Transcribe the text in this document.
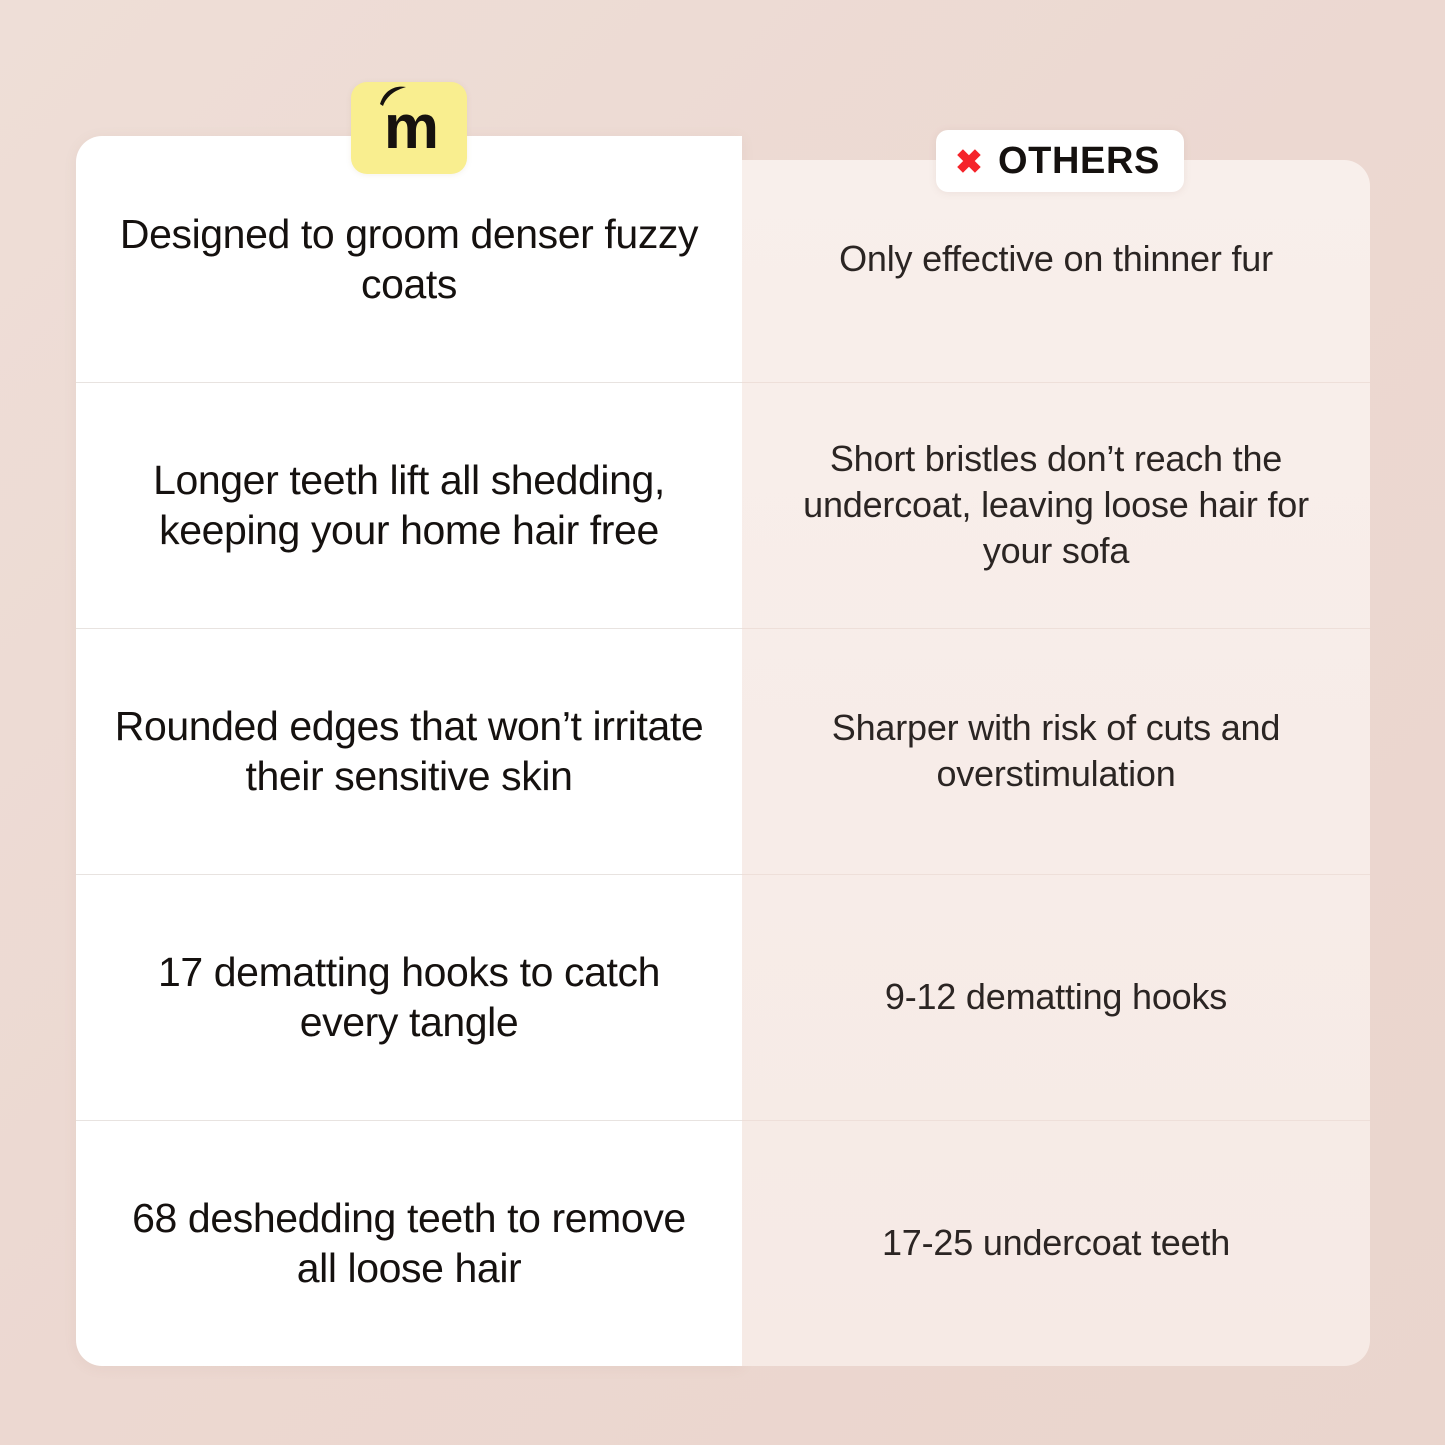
Designed to groom denser fuzzy coats
Only effective on thinner fur
Longer teeth lift all shedding, keeping your home hair free
Short bristles don’t reach the undercoat, leaving loose hair for your sofa
Rounded edges that won’t irritate their sensitive skin
Sharper with risk of cuts and overstimulation
17 dematting hooks to catch every tangle
9-12 dematting hooks
68 deshedding teeth to remove all loose hair
17-25 undercoat teeth
m	✖ OTHERS
